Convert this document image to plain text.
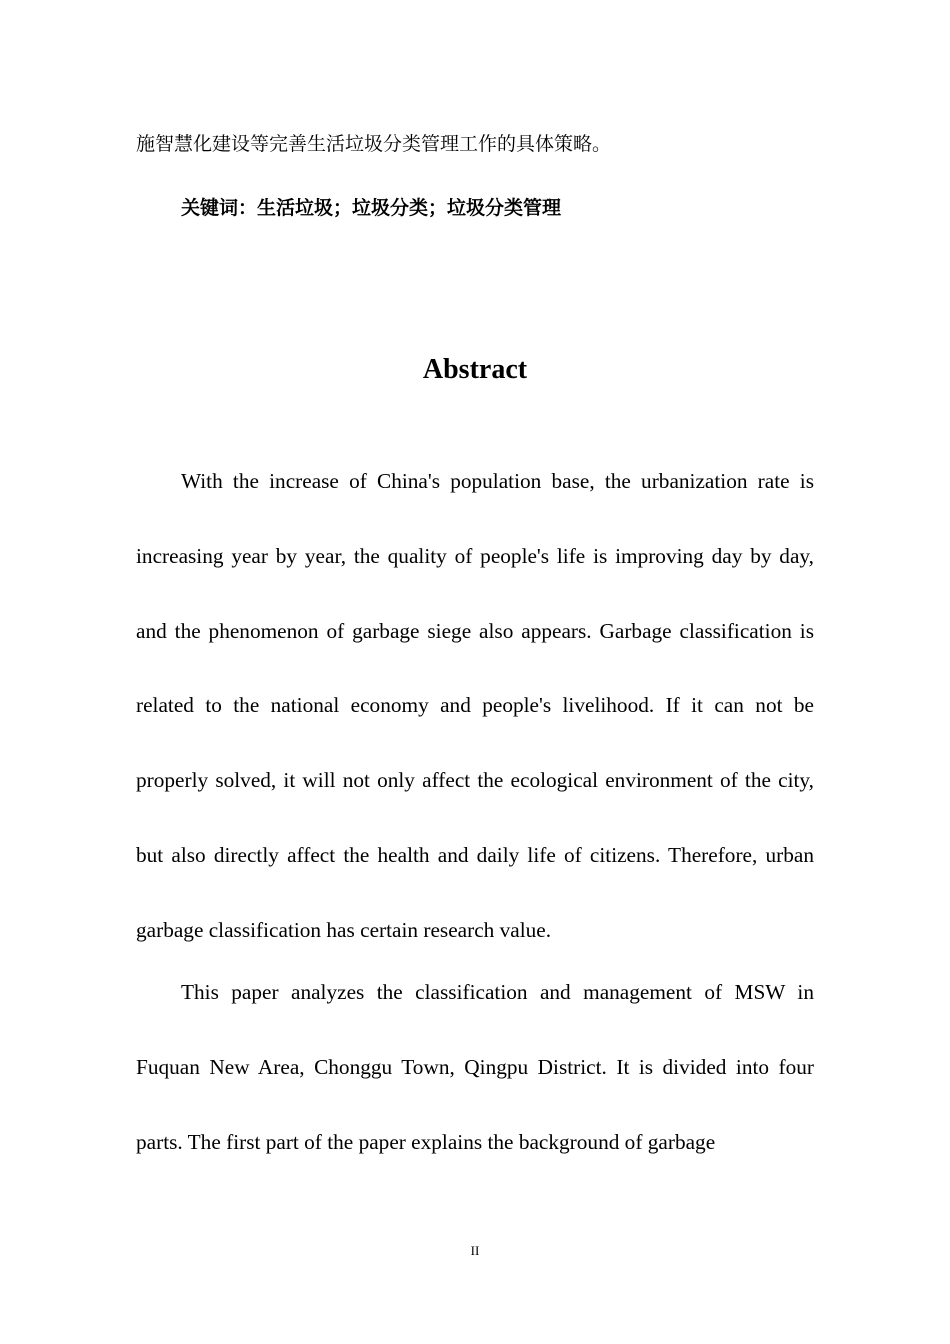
施智慧化建设等完善生活垃圾分类管理工作的具体策略。
关键词：生活垃圾；垃圾分类；垃圾分类管理
Abstract

With the increase of China's population base, the urbanization rate is increasing year by year, the quality of people's life is improving day by day, and the phenomenon of garbage siege also appears. Garbage classification is related to the national economy and people's livelihood. If it can not be properly solved, it will not only affect the ecological environment of the city, but also directly affect the health and daily life of citizens. Therefore, urban garbage classification has certain research value.

This paper analyzes the classification and management of MSW in Fuquan New Area, Chonggu Town, Qingpu District. It is divided into four parts. The first part of the paper explains the background of garbage

II
